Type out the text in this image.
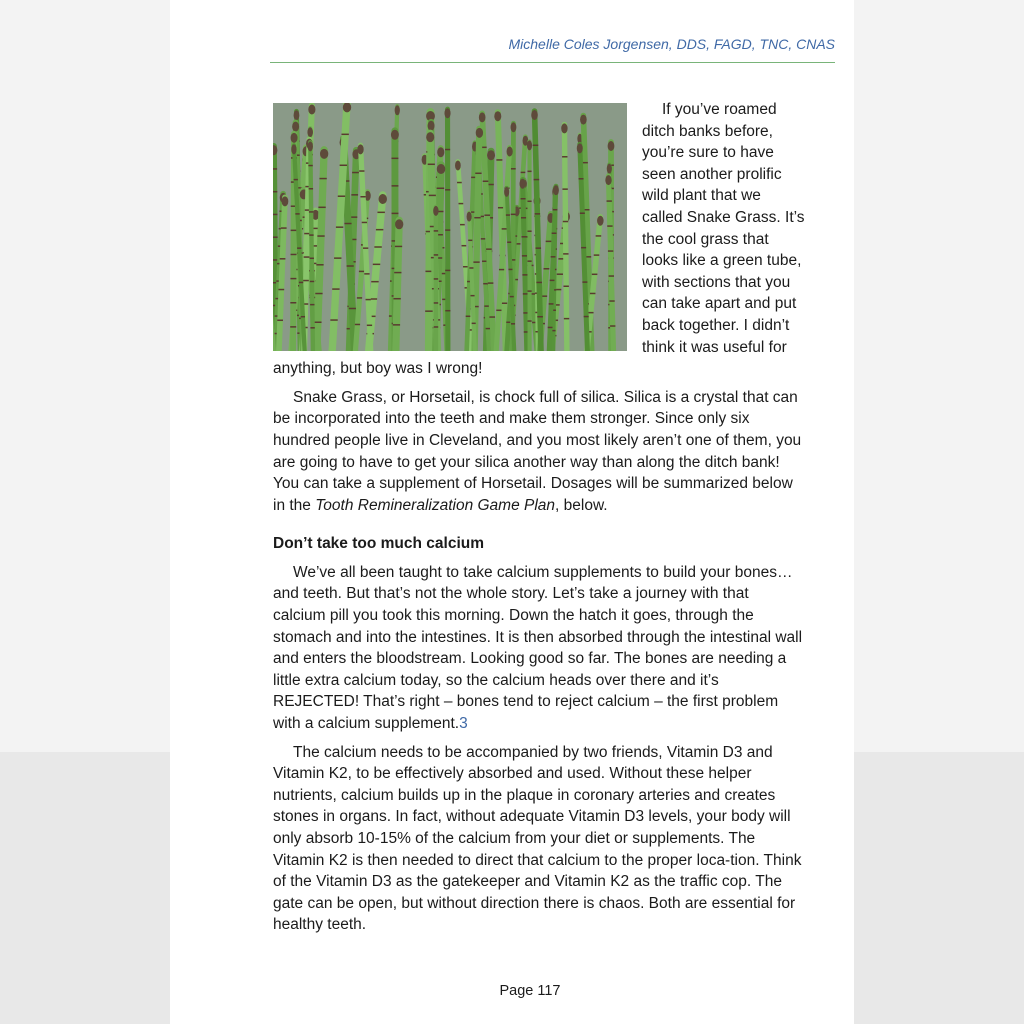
Michelle Coles Jorgensen, DDS, FAGD, TNC, CNAS

If you’ve roamed ditch banks before, you’re sure to have seen another prolific wild plant that we called Snake Grass. It’s the cool grass that looks like a green tube, with sections that you can take apart and put back together. I didn’t think it was useful for anything, but boy was I wrong!

Snake Grass, or Horsetail, is chock full of silica. Silica is a crystal that can be incorporated into the teeth and make them stronger. Since only six hundred people live in Cleveland, and you most likely aren’t one of them, you are going to have to get your silica another way than along the ditch bank! You can take a supplement of Horsetail. Dosages will be summarized below in the Tooth Remineralization Game Plan, below.

Don’t take too much calcium

We’ve all been taught to take calcium supplements to build your bones…and teeth. But that’s not the whole story. Let’s take a journey with that calcium pill you took this morning. Down the hatch it goes, through the stomach and into the intestines. It is then absorbed through the intestinal wall and enters the bloodstream. Looking good so far. The bones are needing a little extra calcium today, so the calcium heads over there and it’s REJECTED! That’s right – bones tend to reject calcium – the first problem with a calcium supplement.3

The calcium needs to be accompanied by two friends, Vitamin D3 and Vitamin K2, to be effectively absorbed and used. Without these helper nutrients, calcium builds up in the plaque in coronary arteries and creates stones in organs. In fact, without adequate Vitamin D3 levels, your body will only absorb 10-15% of the calcium from your diet or supplements. The Vitamin K2 is then needed to direct that calcium to the proper loca-tion. Think of the Vitamin D3 as the gatekeeper and Vitamin K2 as the traffic cop. The gate can be open, but without direction there is chaos. Both are essential for healthy teeth.

Page 117
